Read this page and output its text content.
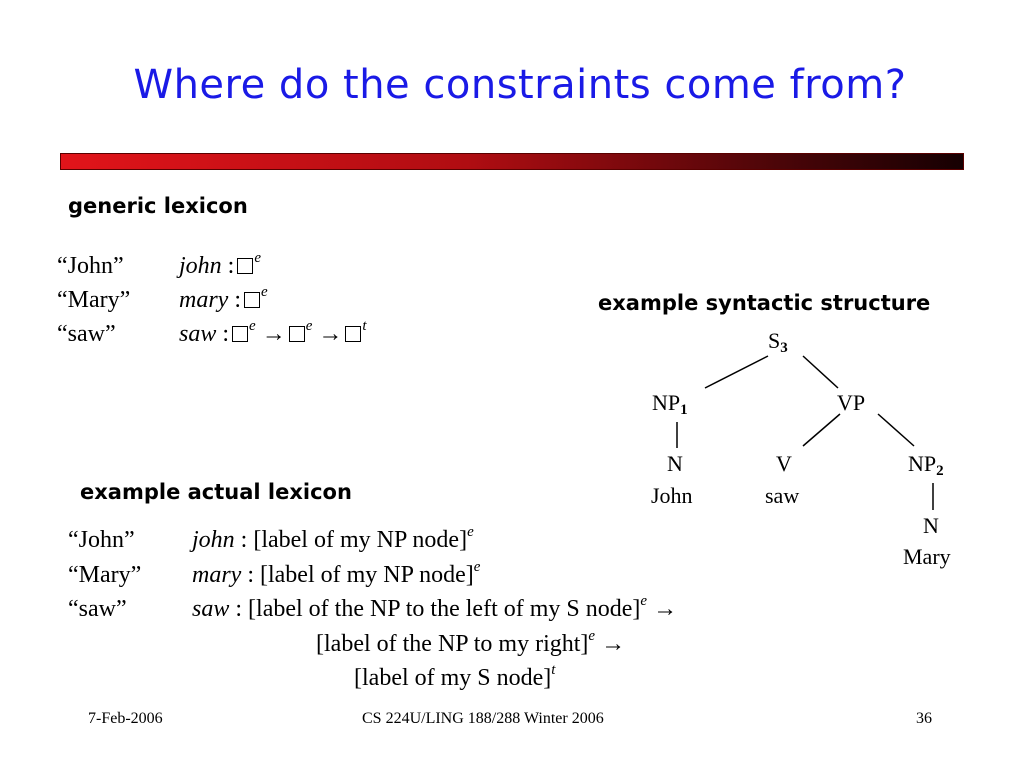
Where do the constraints come from?
generic lexicon
“John” john : $^e$
“Mary” mary : $^e$
“saw”	saw : $^e$ → $^e$ → $^t$
example syntactic structure
$S_3$
$NP_1$	VP
N
John
V
saw
$NP_2$
N
Mary
example actual lexicon
“John” john : [label of my NP node]$^e$
“Mary” mary : [label of my NP node]$^e$
“saw”	saw : [label of the NP to the left of my S node]$^e$ →
[label of the NP to my right]$^e$ →
[label of my S node]$^t$
7-Feb-2006	CS 224U/LING 188/288 Winter 2006	36
